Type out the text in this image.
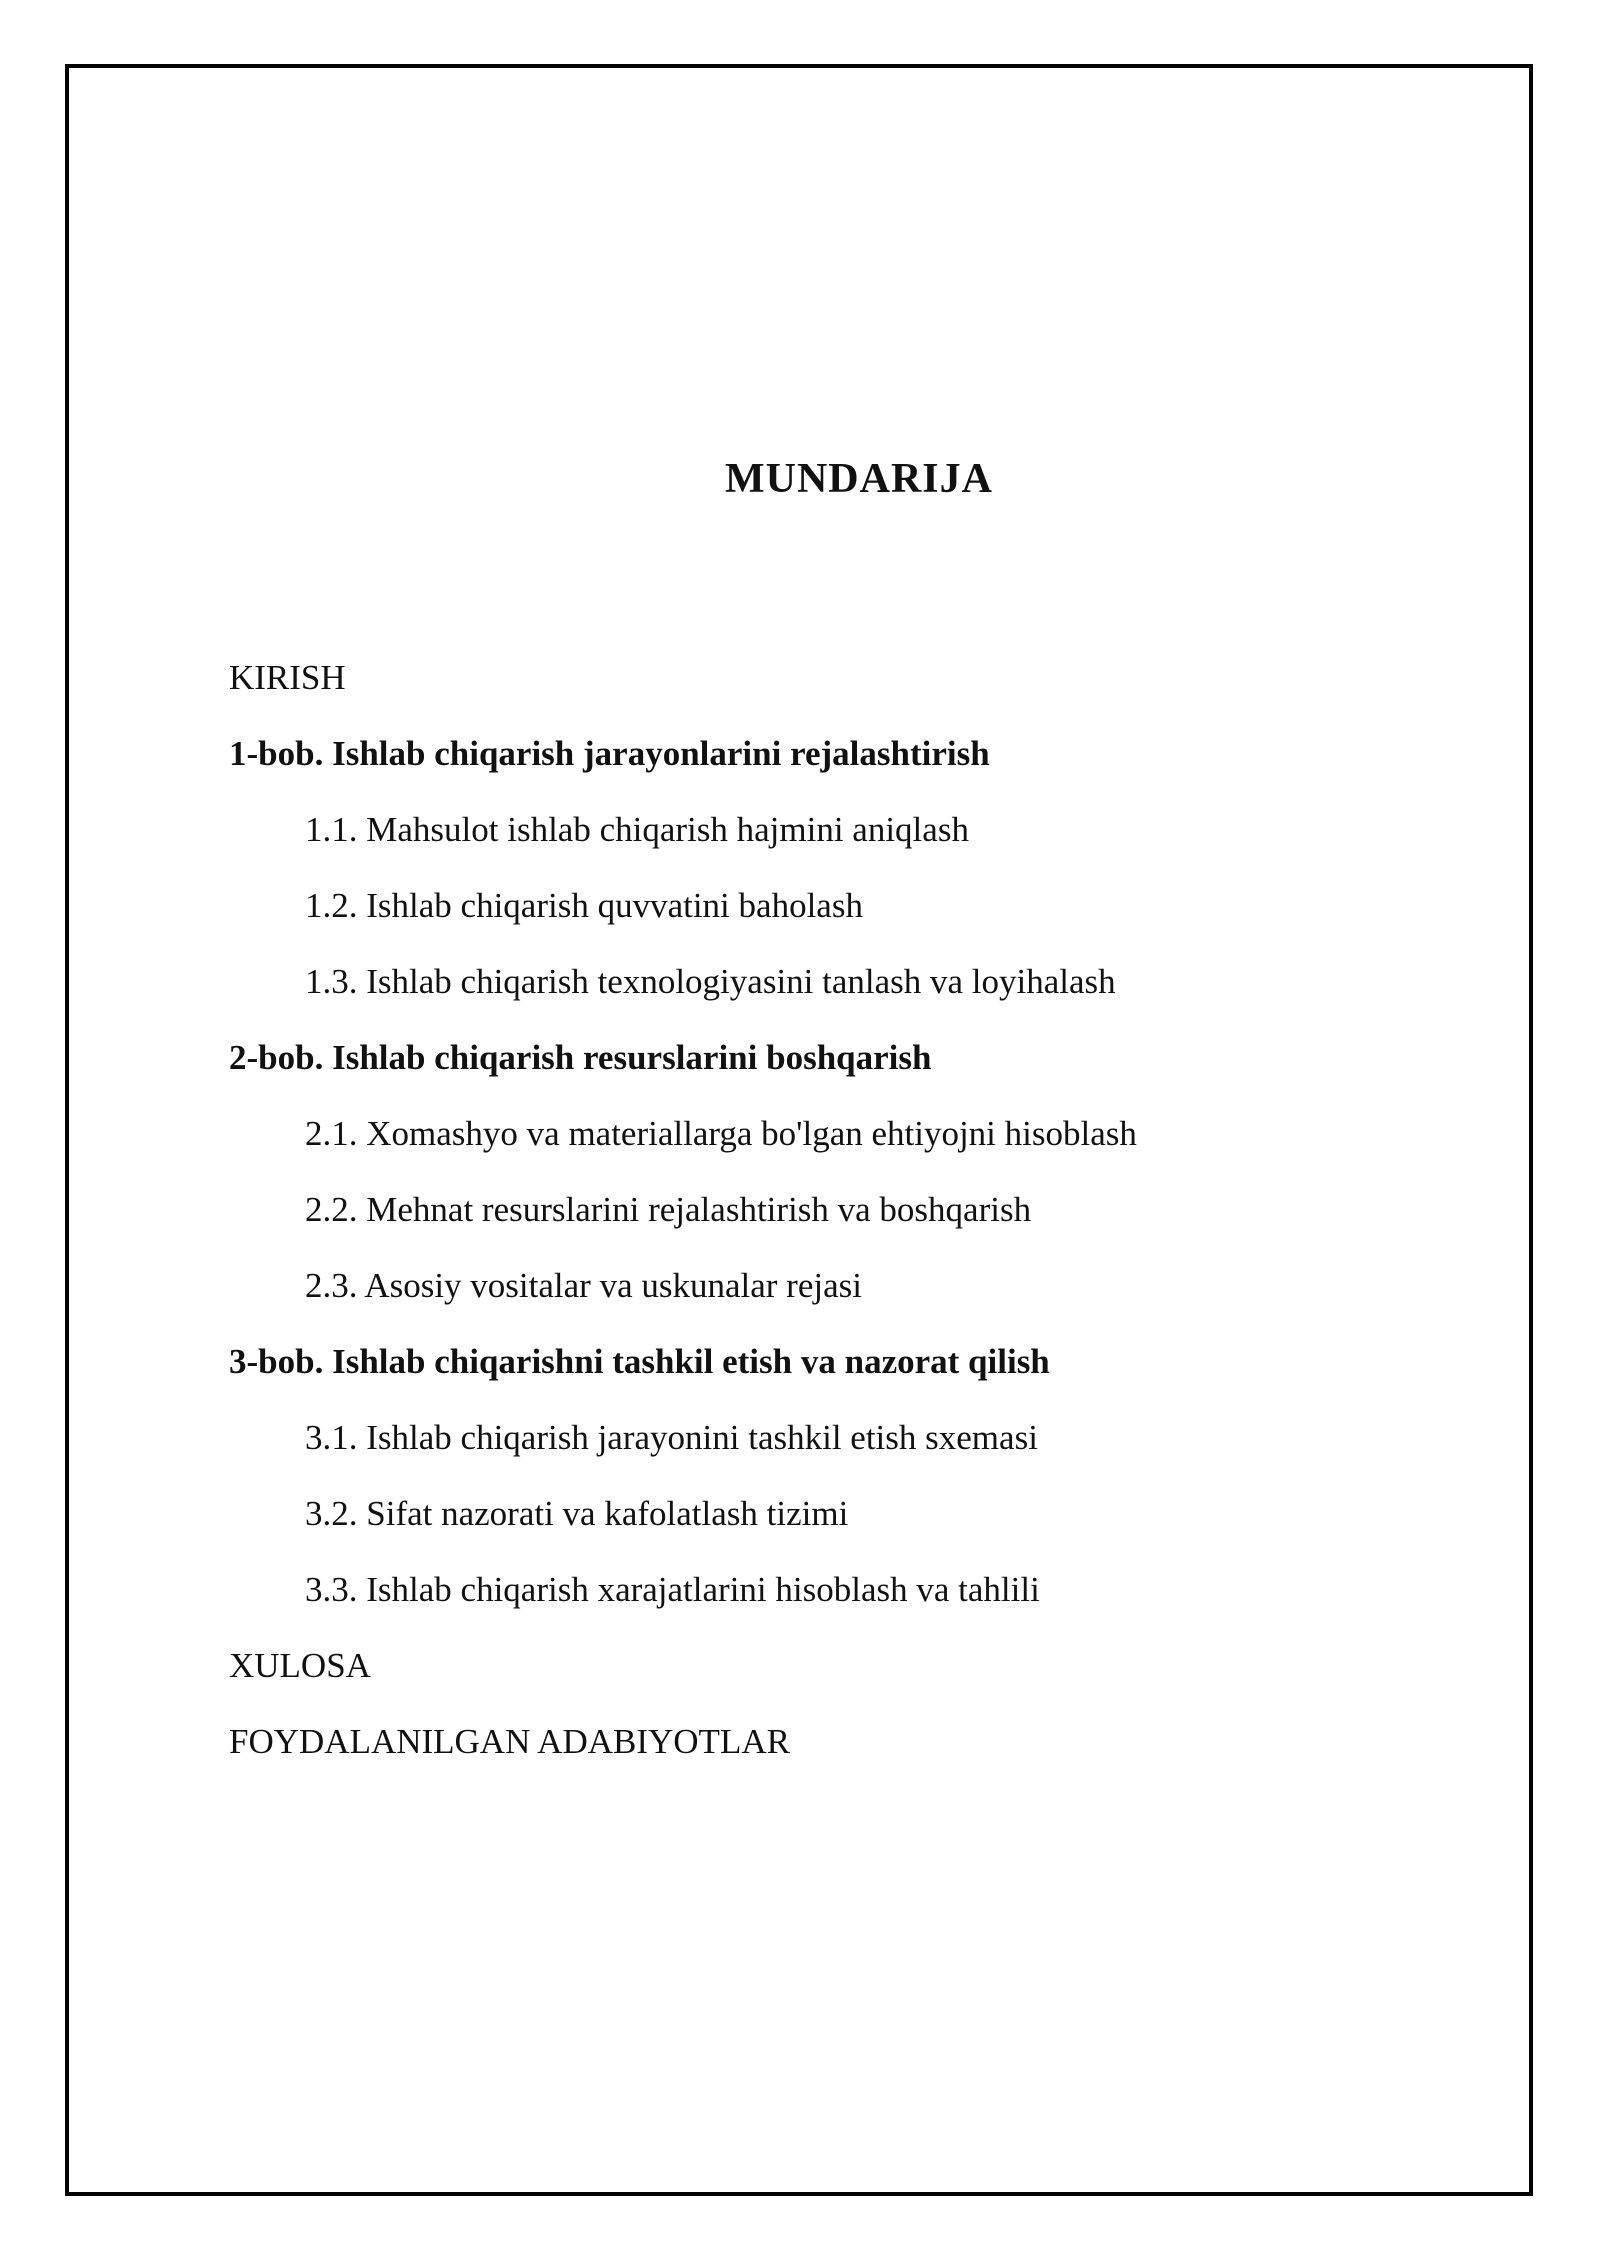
MUNDARIJA
KIRISH
1-bob. Ishlab chiqarish jarayonlarini rejalashtirish
1.1. Mahsulot ishlab chiqarish hajmini aniqlash
1.2. Ishlab chiqarish quvvatini baholash
1.3. Ishlab chiqarish texnologiyasini tanlash va loyihalash
2-bob. Ishlab chiqarish resurslarini boshqarish
2.1. Xomashyo va materiallarga bo'lgan ehtiyojni hisoblash
2.2. Mehnat resurslarini rejalashtirish va boshqarish
2.3. Asosiy vositalar va uskunalar rejasi
3-bob. Ishlab chiqarishni tashkil etish va nazorat qilish
3.1. Ishlab chiqarish jarayonini tashkil etish sxemasi
3.2. Sifat nazorati va kafolatlash tizimi
3.3. Ishlab chiqarish xarajatlarini hisoblash va tahlili
XULOSA
FOYDALANILGAN ADABIYOTLAR
